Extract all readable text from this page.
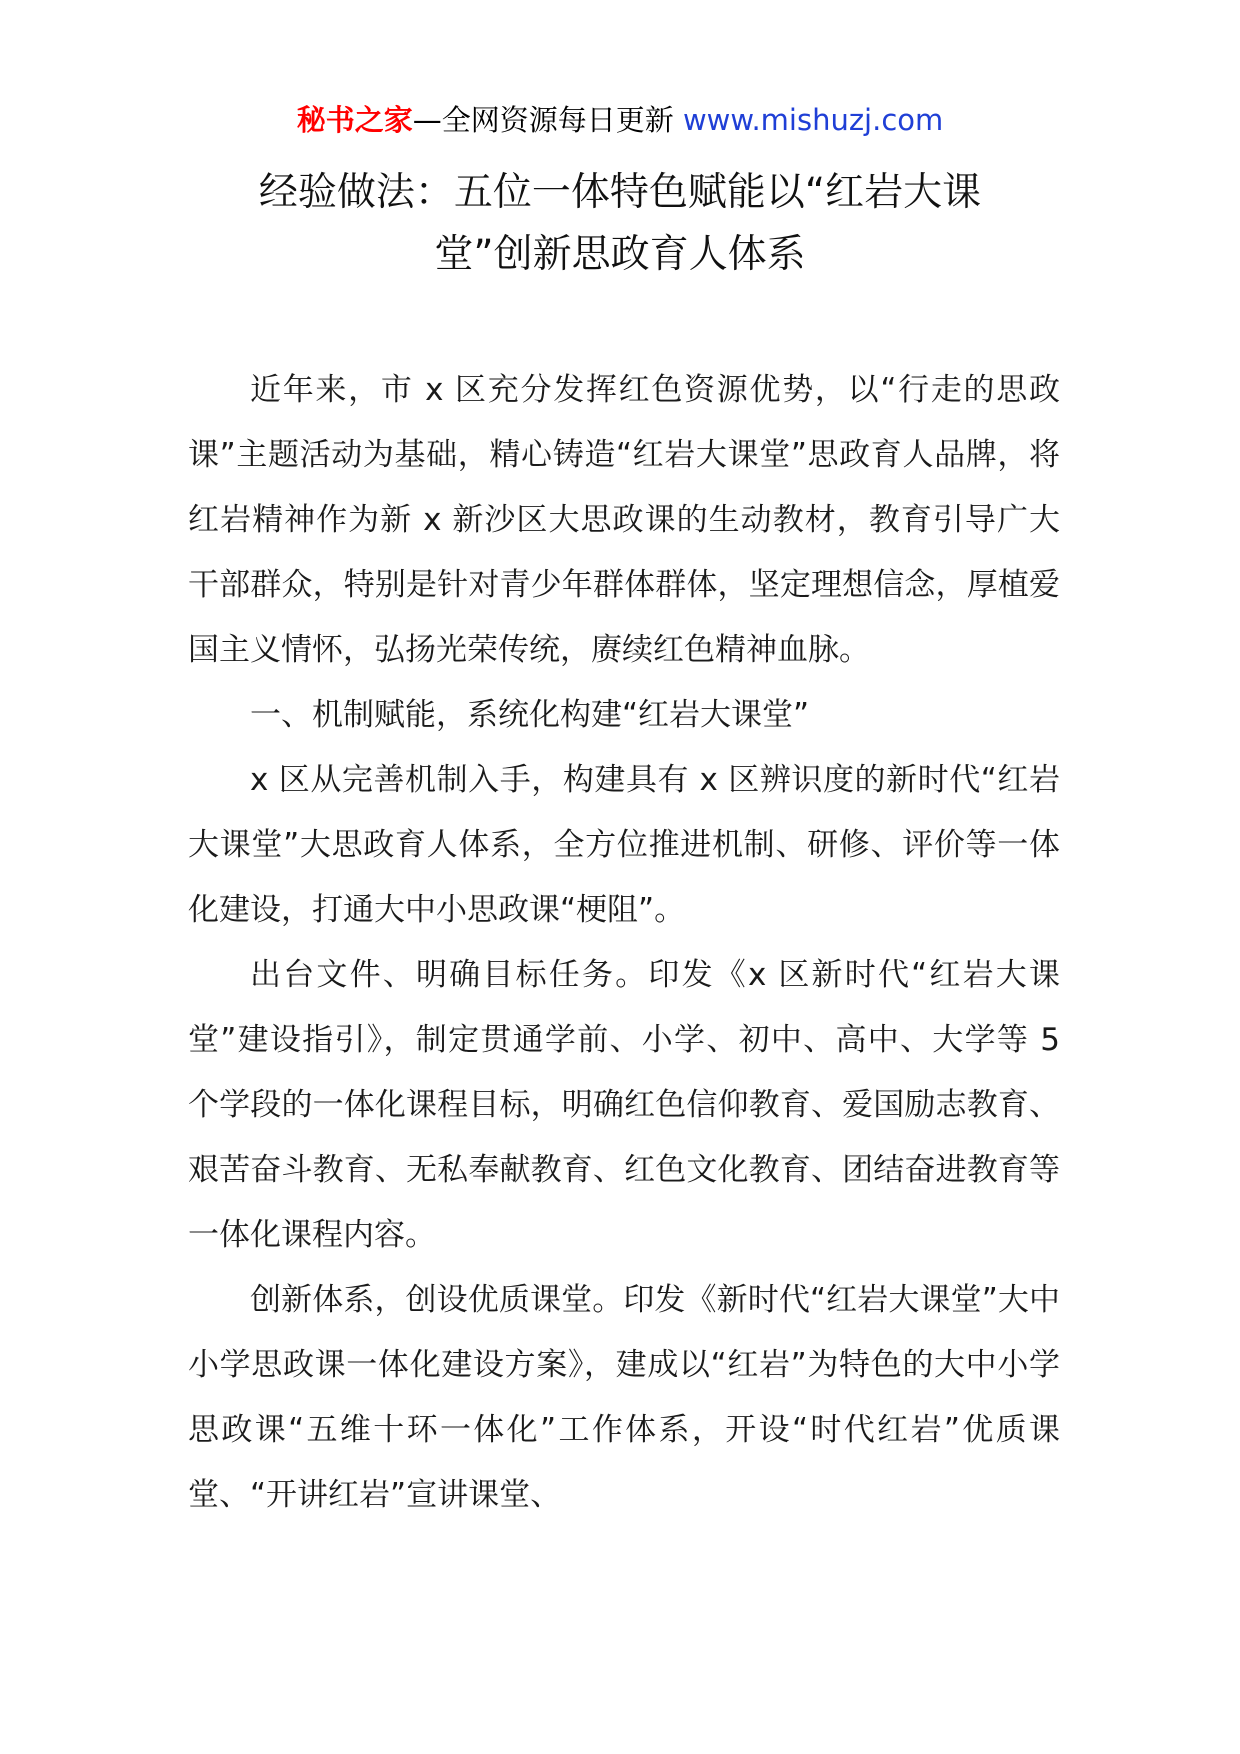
秘书之家—全网资源每日更新 www.mishuzj.com
经验做法：五位一体特色赋能以“红岩大课
堂”创新思政育人体系

近年来，市 x 区充分发挥红色资源优势，以“行走的思政课”主题活动为基础，精心铸造“红岩大课堂”思政育人品牌，将红岩精神作为新 x 新沙区大思政课的生动教材，教育引导广大干部群众，特别是针对青少年群体群体，坚定理想信念，厚植爱国主义情怀，弘扬光荣传统，赓续红色精神血脉。

一、机制赋能，系统化构建“红岩大课堂”

x 区从完善机制入手，构建具有 x 区辨识度的新时代“红岩大课堂”大思政育人体系，全方位推进机制、研修、评价等一体化建设，打通大中小思政课“梗阻”。

出台文件、明确目标任务。印发《x 区新时代“红岩大课堂”建设指引》，制定贯通学前、小学、初中、高中、大学等 5 个学段的一体化课程目标，明确红色信仰教育、爱国励志教育、艰苦奋斗教育、无私奉献教育、红色文化教育、团结奋进教育等一体化课程内容。

创新体系，创设优质课堂。印发《新时代“红岩大课堂”大中小学思政课一体化建设方案》，建成以“红岩”为特色的大中小学思政课“五维十环一体化”工作体系，开设“时代红岩”优质课堂、“开讲红岩”宣讲课堂、
